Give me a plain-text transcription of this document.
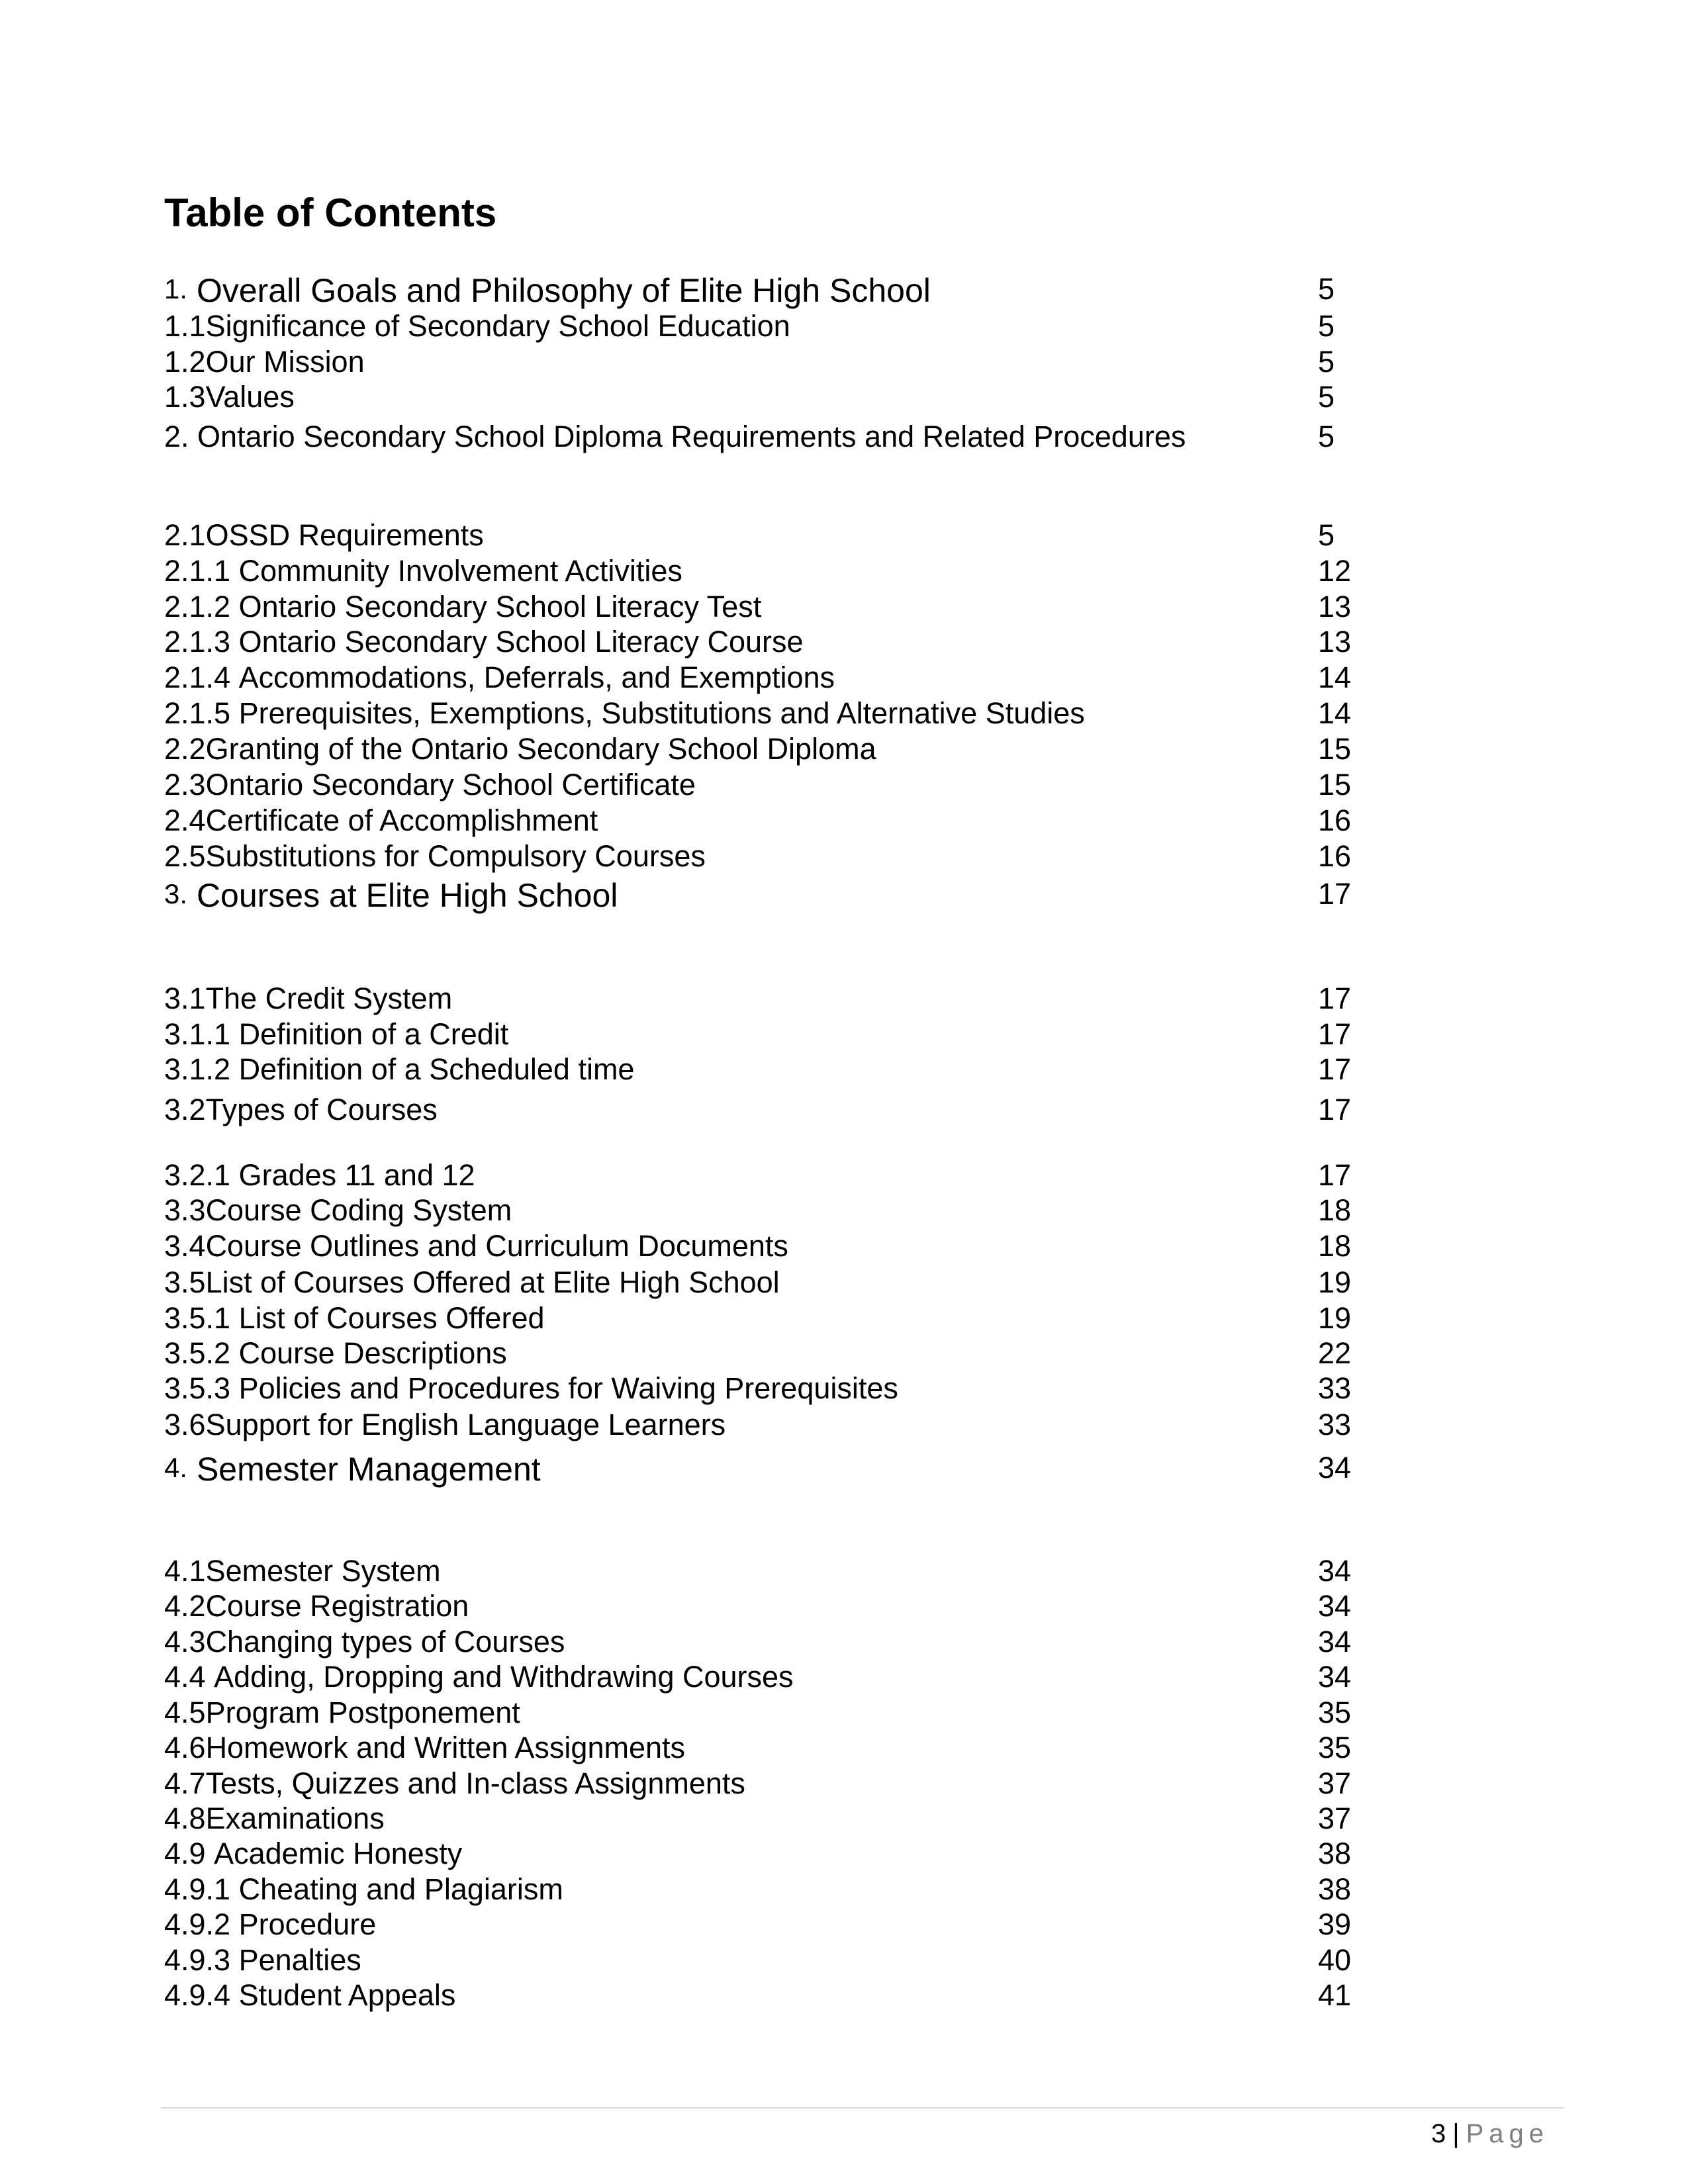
Table of Contents
1. Overall Goals and Philosophy of Elite High School	5
1.1Significance of Secondary School Education	5
1.2Our Mission	5
1.3Values	5
2. Ontario Secondary School Diploma Requirements and Related Procedures	5
2.1OSSD Requirements	5
2.1.1 Community Involvement Activities	12
2.1.2 Ontario Secondary School Literacy Test	13
2.1.3 Ontario Secondary School Literacy Course	13
2.1.4 Accommodations, Deferrals, and Exemptions	14
2.1.5 Prerequisites, Exemptions, Substitutions and Alternative Studies	14
2.2Granting of the Ontario Secondary School Diploma	15
2.3Ontario Secondary School Certificate	15
2.4Certificate of Accomplishment	16
2.5Substitutions for Compulsory Courses	16
3. Courses at Elite High School	17
3.1The Credit System	17
3.1.1 Definition of a Credit	17
3.1.2 Definition of a Scheduled time	17
3.2Types of Courses	17
3.2.1 Grades 11 and 12	17
3.3Course Coding System	18
3.4Course Outlines and Curriculum Documents	18
3.5List of Courses Offered at Elite High School	19
3.5.1 List of Courses Offered	19
3.5.2 Course Descriptions	22
3.5.3 Policies and Procedures for Waiving Prerequisites	33
3.6Support for English Language Learners	33
4. Semester Management	34
4.1Semester System	34
4.2Course Registration	34
4.3Changing types of Courses	34
4.4 Adding, Dropping and Withdrawing Courses	34
4.5Program Postponement	35
4.6Homework and Written Assignments	35
4.7Tests, Quizzes and In-class Assignments	37
4.8Examinations	37
4.9 Academic Honesty	38
4.9.1 Cheating and Plagiarism	38
4.9.2 Procedure	39
4.9.3 Penalties	40
4.9.4 Student Appeals	41
3 | Page
